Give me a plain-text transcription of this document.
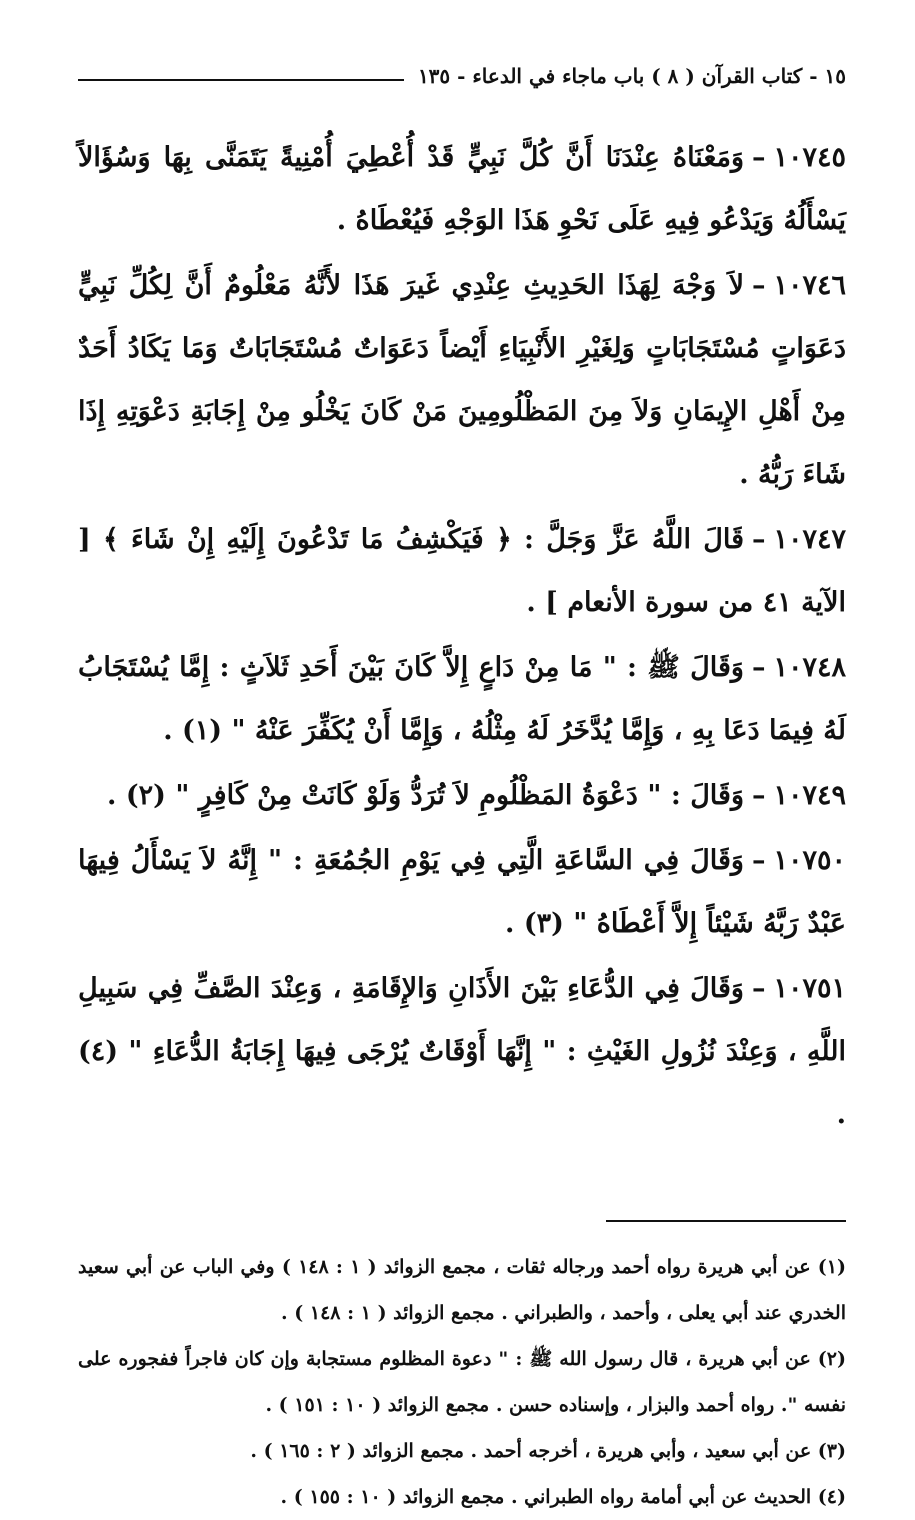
١٥ - كتاب القرآن ( ٨ ) باب ماجاء في الدعاء - ١٣٥

١٠٧٤٥–وَمَعْنَاهُ عِنْدَنَا أَنَّ كُلَّ نَبِيٍّ قَدْ أُعْطِيَ أُمْنِيةً يَتَمَنَّى بِهَا وَسُؤَالاً يَسْأَلُهُ وَيَدْعُو فِيهِ عَلَى نَحْوِ هَذَا الوَجْهِ فَيُعْطَاهُ .

١٠٧٤٦–لاَ وَجْهَ لِهَذَا الحَدِيثِ عِنْدِي غَيرَ هَذَا لأَنَّهُ مَعْلُومٌ أَنَّ لِكُلِّ نَبِيٍّ دَعَوَاتٍ مُسْتَجَابَاتٍ وَلِغَيْرِ الأَنْبِيَاءِ أَيْضاً دَعَوَاتٌ مُسْتَجَابَاتٌ وَمَا يَكَادُ أَحَدٌ مِنْ أَهْلِ الإِيمَانِ وَلاَ مِنَ المَظْلُومِينَ مَنْ كَانَ يَخْلُو مِنْ إِجَابَةِ دَعْوَتِهِ إِذَا شَاءَ رَبُّهُ .

١٠٧٤٧–قَالَ اللَّهُ عَزَّ وَجَلَّ : ﴿ فَيَكْشِفُ مَا تَدْعُونَ إِلَيْهِ إِنْ شَاءَ ﴾ [ الآية ٤١ من سورة الأنعام ] .

١٠٧٤٨–وَقَالَ ﷺ : " مَا مِنْ دَاعٍ إِلاَّ كَانَ بَيْنَ أَحَدِ ثَلاَثٍ : إِمَّا يُسْتَجَابُ لَهُ فِيمَا دَعَا بِهِ ، وَإِمَّا يُدَّخَرُ لَهُ مِثْلُهُ ، وَإِمَّا أَنْ يُكَفِّرَ عَنْهُ " (١) .

١٠٧٤٩–وَقَالَ : " دَعْوَةُ المَظْلُومِ لاَ تُرَدُّ وَلَوْ كَانَتْ مِنْ كَافِرٍ " (٢) .

١٠٧٥٠–وَقَالَ فِي السَّاعَةِ الَّتِي فِي يَوْمِ الجُمُعَةِ : " إِنَّهُ لاَ يَسْأَلُ فِيهَا عَبْدٌ رَبَّهُ شَيْئاً إِلاَّ أَعْطَاهُ " (٣) .

١٠٧٥١–وَقَالَ فِي الدُّعَاءِ بَيْنَ الأَذَانِ وَالإِقَامَةِ ، وَعِنْدَ الصَّفِّ فِي سَبِيلِ اللَّهِ ، وَعِنْدَ نُزُولِ الغَيْثِ : " إِنَّهَا أَوْقَاتٌ يُرْجَى فِيهَا إِجَابَةُ الدُّعَاءِ " (٤) .

(١) عن أبي هريرة رواه أحمد ورجاله ثقات ، مجمع الزوائد ( ١ : ١٤٨ ) وفي الباب عن أبي سعيد الخدري عند أبي يعلى ، وأحمد ، والطبراني . مجمع الزوائد ( ١ : ١٤٨ ) .

(٢) عن أبي هريرة ، قال رسول الله ﷺ : " دعوة المظلوم مستجابة وإن كان فاجراً ففجوره على نفسه ". رواه أحمد والبزار ، وإسناده حسن . مجمع الزوائد ( ١٠ : ١٥١ ) .

(٣) عن أبي سعيد ، وأبي هريرة ، أخرجه أحمد . مجمع الزوائد ( ٢ : ١٦٥ ) .

(٤) الحديث عن أبي أمامة رواه الطبراني . مجمع الزوائد ( ١٠ : ١٥٥ ) .
